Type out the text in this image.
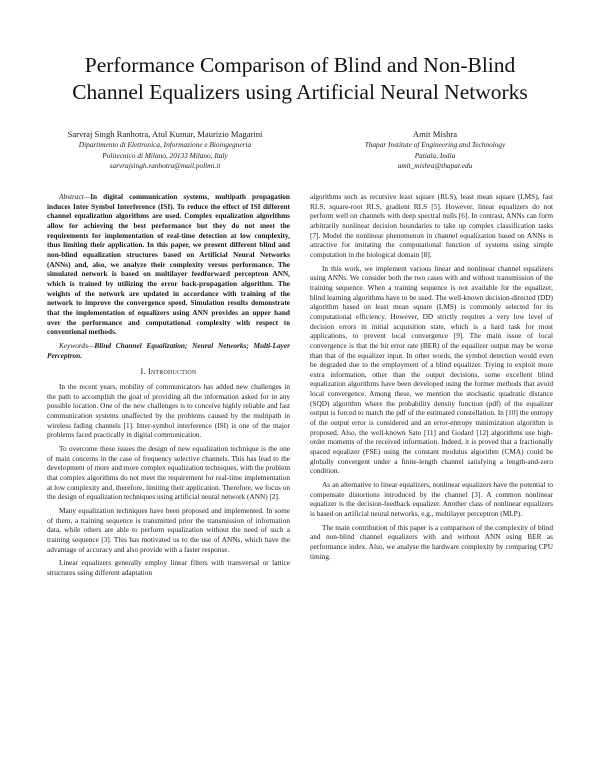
Performance Comparison of Blind and Non-Blind
Channel Equalizers using Artificial Neural Networks
Sarvraj Singh Ranhotra, Atul Kumar, Maurizio Magarini
Dipartimento di Elettronica, Informazione e Bioingegneria
Politecnico di Milano, 20133 Milano, Italy
sarvrajsingh.ranhotra@mail.polimi.it
Amit Mishra
Thapar Institute of Engineering and Technology
Patiala, India
amit_mishra@thapar.edu

Abstract—In digital communication systems, multipath propagation induces Inter Symbol Interference (ISI). To reduce the effect of ISI different channel equalization algorithms are used. Complex equalization algorithms allow for achieving the best performance but they do not meet the requirements for implementation of real-time detection at low complexity, thus limiting their application. In this paper, we present different blind and non-blind equalization structures based on Artificial Neural Networks (ANNs) and, also, we analyze their complexity versus performance. The simulated network is based on multilayer feedforward perceptron ANN, which is trained by utilizing the error back-propagation algorithm. The weights of the network are updated in accordance with training of the network to improve the convergence speed. Simulation results demonstrate that the implementation of equalizers using ANN provides an upper hand over the performance and computational complexity with respect to conventional methods.

Keywords—Blind Channel Equalization; Neural Networks; Multi-Layer Perceptron.

I. Introduction

In the recent years, mobility of communicators has added new challenges in the path to accomplish the goal of providing all the information asked for in any possible location. One of the new challenges is to conceive highly reliable and fast communication systems unaffected by the problems caused by the multipath in wireless fading channels [1]. Inter-symbol interference (ISI) is one of the major problems faced practically in digital communication.

To overcome these issues the design of new equalization technique is the one of main concerns in the case of frequency selective channels. This has lead to the development of more and more complex equalization techniques, with the problem that complex algorithms do not meet the requirement for real-time implementation at low complexity and, therefore, limiting their application. Therefore, we focus on the design of equalization techniques using artificial neural network (ANN) [2].

Many equalization techniques have been proposed and implemented. In some of them, a training sequence is transmitted prior the transmission of information data, while others are able to perform equalization without the need of such a training sequence [3]. This has motivated us to the use of ANNs, which have the advantage of accuracy and also provide with a faster response.

Linear equalizers generally employ linear filters with transversal or lattice structures using different adaptation

algorithms such as recursive least square (RLS), least mean square (LMS), fast RLS, square-root RLS, gradient RLS [5]. However, linear equalizers do not perform well on channels with deep spectral nulls [6]. In contrast, ANNs can form arbitrarily nonlinear decision boundaries to take up complex classification tasks [7]. Model the nonlinear phenomenon in channel equalization based on ANNs is attractive for imitating the computational function of systems using simple computation in the biological domain [8].

In this work, we implement various linear and nonlinear channel equalizers using ANNs. We consider both the two cases with and without transmission of the training sequence. When a training sequence is not available for the equalizer, blind learning algorithms have to be used. The well-known decision-directed (DD) algorithm based on least mean square (LMS) is commonly selected for its computational efficiency. However, DD strictly requires a very low level of decision errors in initial acquisition state, which is a hard task for most applications, to prevent local convergence [9]. The main issue of local convergence is that the bit error rate (BER) of the equalizer output may be worse than that of the equalizer input. In other words, the symbol detection would even be degraded due to the employment of a blind equalizer. Trying to exploit more extra information, other than the output decisions, some excellent blind equalization algorithms have been developed using the former methods that avoid local convergence. Among these, we mention the stochastic quadratic distance (SQD) algorithm where the probability density function (pdf) of the equalizer output is forced to match the pdf of the estimated constellation. In [10] the entropy of the output error is considered and an error-entropy minimization algorithm is proposed. Also, the well-known Sato [11] and Godard [12] algorithms use high-order moments of the received information. Indeed, it is proved that a fractionally spaced equalizer (FSE) using the constant modulus algorithm (CMA) could be globally convergent under a finite-length channel satisfying a length-and-zero condition.

As an alternative to linear equalizers, nonlinear equalizers have the potential to compensate distortions introduced by the channel [3]. A common nonlinear equalizer is the decision-feedback equalizer. Another class of nonlinear equalizers is based on artificial neural networks, e.g., multilayer perceptron (MLP).

The main contribution of this paper is a comparison of the complexity of blind and non-blind channel equalizers with and without ANN using BER as performance index. Also, we analyse the hardware complexity by comparing CPU timing.
